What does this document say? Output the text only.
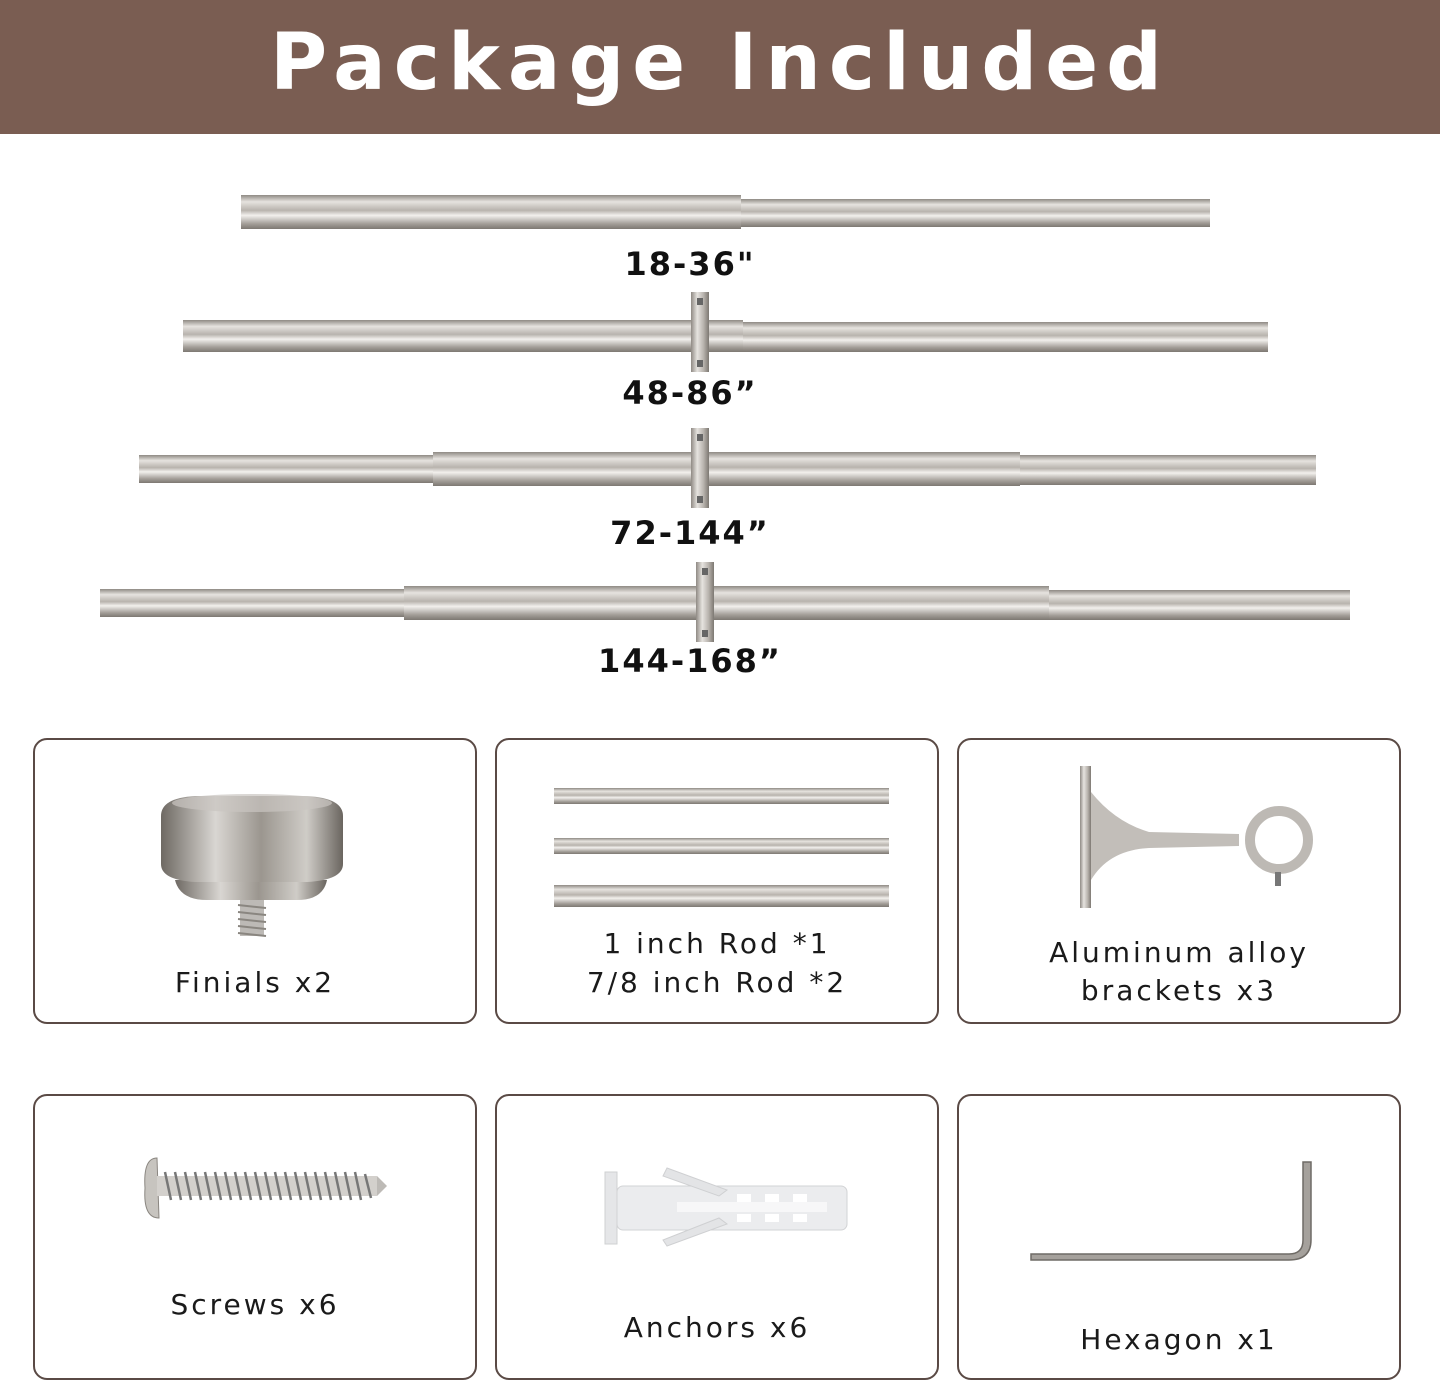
Package Included
18-36"
48-86”
72-144”
144-168”
Finials x2
1 inch Rod *1
7/8 inch Rod *2
Aluminum alloy
brackets x3
Screws x6
Anchors x6	Hexagon x1
